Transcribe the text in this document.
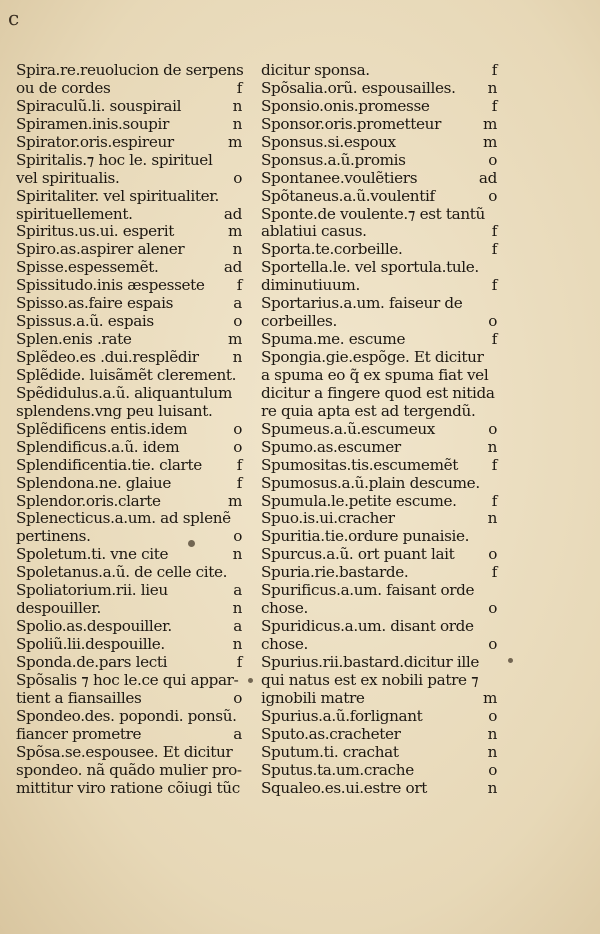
c
Spira.re.reuolucion de serpens
ou de cordes	f
Spiraculũ.li. souspirail	n
Spiramen.inis.soupir	n
Spirator.oris.espireur	m
Spiritalis.⁊ hoc le. spirituel
vel spiritualis.	o
Spiritaliter. vel spiritualiter.
spirituellement.	ad
Spiritus.us.ui. esperit	m
Spiro.as.aspirer alener	n
Spisse.espessemẽt.	ad
Spissitudo.inis æspessete f
Spisso.as.faire espais	a
Spissus.a.ũ. espais	o
Splen.enis .rate	m
Splẽdeo.es .dui.resplẽdir n
Splẽdide. luisãmẽt clerement.
Spẽdidulus.a.ũ. aliquantulum
splendens.vng peu luisant.
Splẽdificens entis.idem	o
Splendificus.a.ũ. idem	o
Splendificentia.tie. clarte f
Splendona.ne. glaiue	f
Splendor.oris.clarte	m
Splenecticus.a.um. ad splenẽ
pertinens.	o
Spoletum.ti. vne cite	n
Spoletanus.a.ũ. de celle cite.
Spoliatorium.rii. lieu	a
despouiller.	n
Spolio.as.despouiller.	a
Spoliũ.lii.despouille.	n
Sponda.de.pars lecti	f
Spõsalis ⁊ hoc le.ce qui appar-
tient a fiansailles	o
Spondeo.des. popondi. ponsũ.
fiancer prometre	a
Spõsa.se.espousee. Et dicitur
spondeo. nã quãdo mulier pro-
mittitur viro ratione cõiugi tũc
dicitur sponsa.	f
Spõsalia.orũ. espousailles. n
Sponsio.onis.promesse	f
Sponsor.oris.prometteur	m
Sponsus.si.espoux	m
Sponsus.a.ũ.promis	o
Spontanee.voulẽtiers	ad
Spõtaneus.a.ũ.voulentif	o
Sponte.de voulente.⁊ est tantũ
ablatiui casus.	f
Sporta.te.corbeille.	f
Sportella.le. vel sportula.tule.
diminutiuum.	f
Sportarius.a.um. faiseur de
corbeilles.	o
Spuma.me. escume	f
Spongia.gie.espõge. Et dicitur
a spuma eo q̃ ex spuma fiat vel
dicitur a fingere quod est nitida
re quia apta est ad tergendũ.
Spumeus.a.ũ.escumeux	o
Spumo.as.escumer	n
Spumositas.tis.escumemẽt f
Spumosus.a.ũ.plain descume.
Spumula.le.petite escume. f
Spuo.is.ui.cracher	n
Spuritia.tie.ordure punaisie.
Spurcus.a.ũ. ort puant lait o
Spuria.rie.bastarde.	f
Spurificus.a.um. faisant orde
chose.	o
Spuridicus.a.um. disant orde
chose.	o
Spurius.rii.bastard.dicitur ille
qui natus est ex nobili patre ⁊
ignobili matre	m
Spurius.a.ũ.forlignant	o
Sputo.as.cracheter	n
Sputum.ti. crachat	n
Sputus.ta.um.crache	o
Squaleo.es.ui.estre ort	n
